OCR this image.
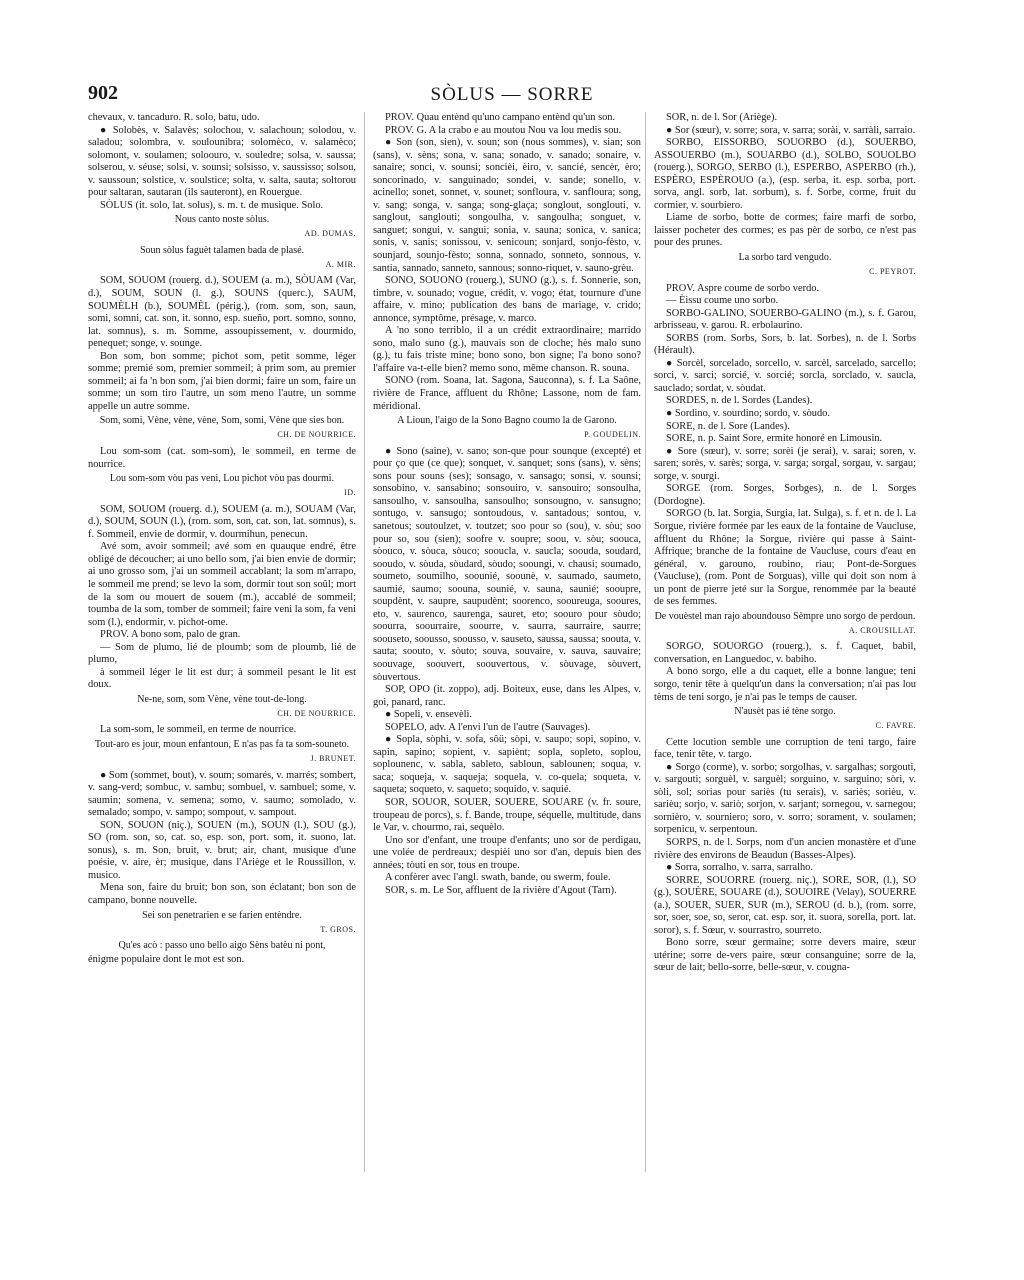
902	SÒLUS — SORRE
chevaux, v. tancaduro. R. solo, batu, udo.
● Solobès, v. Salavès; solochou, v. salachoun; solodou, v. saladou; solombra, v. soulounibra; solomèco, v. salamèco; solomont, v. soulamen; soloouro, v. souledre; solsa, v. saussa; solserou, v. séuse; solsi, v. sounsi; solsisso, v. saussisso; solsou, v. saussoun; solstice, v. soulstice; solta, v. salta, sauta; soltorou pour saltaran, sautaran (ils sauteront), en Rouergue.
SÒLUS (it. solo, lat. solus), s. m. t. de musique. Solo.
Nous canto noste sòlus.
AD. DUMAS.
Soun sòlus faguèt talamen bada de plasé.
A. MIR.
SOM, SOUOM (rouerg. d.), SOUEM (a. m.), SÒUAM (Var, d.), SOUM, SOUN (l. g.), SOUNS (querc.), SAUM, SOUMÈLH (b.), SOUMÈL (périg.), (rom. som, son, saun, somi, somni, cat. son, it. sonno, esp. sueño, port. somno, sonno, lat. somnus), s. m. Somme, assoupissement, v. dourmido, penequet; songe, v. sounge.
Bon som, bon somme; pichot som, petit somme, léger somme; premié som, premier sommeil; à prim som, au premier sommeil; ai fa 'n bon som, j'ai bien dormi; faire un som, faire un somme; un som tiro l'autre, un som meno l'autre, un somme appelle un autre somme.
Som, somi, Vène, vène, vène, Som, somi, Vène que sies bon.
CH. DE NOURRICE.
Lou som-som (cat. som-som), le sommeil, en terme de nourrice.
Lou som-som vòu pas veni, Lou pichot vòu pas dourmi.
ID.
SOM, SOUOM (rouerg. d.), SOUEM (a. m.), SOUAM (Var, d.), SOUM, SOUN (l.), (rom. som, son, cat. son, lat. somnus), s. f. Sommeil, envie de dormir, v. dourmihun, penecun.
Avé som, avoir sommeil; avé som en quauque endré, être obligé de découcher; ai uno bello som, j'ai bien envie de dormir; ai uno grosso som, j'ai un sommeil accablant; la som m'arrapo, le sommeil me prend; se levo la som, dormir tout son soûl; mort de la som ou mouert de souem (m.), accablé de sommeil; toumba de la som, tomber de sommeil; faire veni la som, fa veni som (l.), endormir, v. pichot-ome.
PROV. A bono som, palo de gran.
— Som de plumo, lié de ploumb; som de ploumb, lié de plumo,
à sommeil léger le lit est dur; à sommeil pesant le lit est doux.
Ne-ne, som, som Vène, vène tout-de-long.
CH. DE NOURRICE.
La som-som, le sommeil, en terme de nourrice.
Tout-aro es jour, moun enfantoun, E n'as pas fa ta som-souneto.
J. BRUNET.
● Som (sommet, bout), v. soum; somarés, v. marrés; sombert, v. sang-verd; sombuc, v. sambu; sombuel, v. sambuel; some, v. saumin; somena, v. semena; somo, v. saumo; somolado, v. semalado; sompo, v. sampo; sompout, v. sampout.
SON, SOUON (niç.), SOUEN (m.), SOUN (l.), SOU (g.), SO (rom. son, so, cat. so, esp. son, port. som, it. suono, lat. sonus), s. m. Son, bruit, v. brut; air, chant, musique d'une poésie, v. aire, èr; musique, dans l'Ariège et le Roussillon, v. musico.
Mena son, faire du bruit; bon son, son éclatant; bon son de campano, bonne nouvelle.
Sei son penetrarien e se farien entèndre.
T. GROS.
Qu'es acò : passo uno bello aigo Sèns batèu ni pont,
énigme populaire dont le mot est son.
PROV. Quau entènd qu'uno campano entènd qu'un son.
PROV. G. A la crabo e au moutou Nou va lou medis sou.
● Son (son, sien), v. soun; son (nous sommes), v. sian; son (sans), v. sèns; sona, v. sana; sonado, v. sanado; sonaire, v. sanaire; sonci, v. sounsi; soncièi, èiro, v. sancié, sencèr, èro; soncorinado, v. sanguinado; sondei, v. sande; sonello, v. acinello; sonet, sonnet, v. sounet; sonfloura, v. sanfloura; song, v. sang; songa, v. sanga; song-glaça; songlout, songlouti, v. sanglout, sanglouti; songoulha, v. sangoulha; songuet, v. sanguet; songui, v. sangui; sonia, v. sauna; sonica, v. sanica; sonis, v. sanis; sonissou, v. senicoun; sonjard, sonjo-fèsto, v. sounjard, sounjo-fèsto; sonna, sonnado, sonneto, sonnous, v. santia, sannado, sanneto, sannous; sonno-riquet, v. sauno-grèu.
SONO, SOUONO (rouerg.), SUNO (g.), s. f. Sonnerie, son, timbre, v. sounado; vogue, crédit, v. vogo; état, tournure d'une affaire, v. mino; publication des bans de mariage, v. crido; annonce, symptôme, présage, v. marco.
A 'no sono terriblo, il a un crédit extraordinaire; marrido sono, malo suno (g.), mauvais son de cloche; hès malo suno (g.), tu fais triste mine; bono sono, bon signe; l'a bono sono? l'affaire va-t-elle bien? memo sono, même chanson. R. souna.
SONO (rom. Soana, lat. Sagona, Sauconna), s. f. La Saône, rivière de France, affluent du Rhône; Lassone, nom de fam. méridional.
A Lioun, l'aigo de la Sono Bagno coumo la de Garono.
P. GOUDELIN.
● Sono (saine), v. sano; son-que pour sounque (excepté) et pour ço que (ce que); sonquet, v. sanquet; sons (sans), v. sèns; sons pour souns (ses); sonsago, v. sansago; sonsi, v. sounsi; sonsobino, v. sansabino; sonsouiro, v. sansouiro; sonsoulha, sansoulho, v. sansoulha, sansoulho; sonsougno, v. sansugno; sontugo, v. sansugo; sontoudous, v. santadous; sontou, v. sanetous; soutoulzet, v. toutzet; soo pour so (sou), v. sòu; soo pour so, sou (sien); soofre v. soupre; soou, v. sòu; soouca, sòouco, v. sòuca, sòuco; sooucla, v. saucla; soouda, soudard, sooudo, v. sòuda, sòudard, sòudo; sooungi, v. chausi; soumado, soumeto, soumilho, soounié, soounè, v. saumado, saumeto, saumié, saumo; soouna, sounié, v. sauna, saunié; sooupre, soupdènt, v. saupre, saupudènt; soorenco, sooureuga, sooures, eto, v. saurenco, saurenga, sauret, eto; soouro pour sòudo; soourra, soourraire, soourre, v. saurra, saurraire, saurre; soouseto, soousso, soousso, v. sauseto, saussa, saussa; soouta, v. sauta; soouto, v. sòuto; souva, souvaire, v. sauva, sauvaire; soouvage, soouvert, soouvertous, v. sòuvage, sòuvert, sòuvertous.
SOP, OPO (it. zoppo), adj. Boiteux, euse, dans les Alpes, v. goi, panard, ranc.
● Sopeli, v. ensevèli.
SOPELO, adv. A l'envi l'un de l'autre (Sauvages).
● Sopla, sòphi, v. sofa, sôü; sòpi, v. saupo; sopi, sopino, v. sapin, sapino; sopient, v. sapiènt; sopla, sopleto, soplou, soplounenc, v. sabla, sableto, sabloun, sablounen; soqua, v. saca; soqueja, v. saqueja; soquela, v. co-quela; soqueta, v. saqueta; soqueto, v. saqueto; soquido, v. saquié.
SOR, SOUOR, SOUER, SOUERE, SOUARE (v. fr. soure, troupeau de porcs), s. f. Bande, troupe, séquelle, multitude, dans le Var, v. chourmo, raì, sequèlo.
Uno sor d'enfant, une troupe d'enfants; uno sor de perdigau, une volée de perdreaux; despièi uno sor d'an, depuis bien des années; tòuti en sor, tous en troupe.
A confèrer avec l'angl. swath, bande, ou swerm, foule.
SOR, s. m. Le Sor, affluent de la rivière d'Agout (Tarn).
SOR, n. de l. Sor (Ariège).
● Sor (sœur), v. sorre; sora, v. sarra; sorài, v. sarràli, sarraio.
SORBO, EISSORBO, SOUORBO (d.), SOUERBO, ASSOUERBO (m.), SOUARBO (d.), SOLBO, SOUOLBO (rouerg.), SORGO, SERBO (l.), ESPERBO, ASPERBO (rh.), ESPÈRO, ESPÈROUO (a.), (esp. serba, it. esp. sorba, port. sorva, angl. sorb, lat. sorbum), s. f. Sorbe, corme, fruit du cormier, v. sourbiero.
Liame de sorbo, botte de cormes; faire marfi de sorbo, laisser pocheter des cormes; es pas pèr de sorbo, ce n'est pas pour des prunes.
La sorbo tard vengudo.
C. PEYROT.
PROV. Aspre coume de sorbo verdo.
— Èissu coume uno sorbo.
SORBO-GALINO, SOUERBO-GALINO (m.), s. f. Garou, arbrisseau, v. garou. R. erbolaurino.
SORBS (rom. Sorbs, Sors, b. lat. Sorbes), n. de l. Sorbs (Hérault).
● Sorcèl, sorcelado, sorcello, v. sarcèl, sarcelado, sarcello; sorci, v. sarci; sorcié, v. sorcié; sorcla, sorclado, v. saucla, sauclado; sordat, v. sòudat.
SORDES, n. de l. Sordes (Landes).
● Sordino, v. sourdino; sordo, v. sòudo.
SORE, n. de l. Sore (Landes).
SORE, n. p. Saint Sore, ermite honoré en Limousin.
● Sore (sœur), v. sorre; sorèi (je serai), v. sarai; soren, v. saren; sorès, v. sarès; sorga, v. sarga; sorgal, sorgau, v. sargau; sorge, v. sourgi.
SORGE (rom. Sorges, Sorbges), n. de l. Sorges (Dordogne).
SORGO (b. lat. Sorgia, Surgia, lat. Sulga), s. f. et n. de l. La Sorgue, rivière formée par les eaux de la fontaine de Vaucluse, affluent du Rhône; la Sorgue, rivière qui passe à Saint-Affrique; branche de la fontaine de Vaucluse, cours d'eau en général, v. garouno, roubino, riau; Pont-de-Sorgues (Vaucluse), (rom. Pont de Sorguas), ville qui doit son nom à un pont de pierre jeté sur la Sorgue, renommée par la beauté de ses femmes.
De vouèstel man rajo aboundouso Sèmpre uno sorgo de perdoun.
A. CROUSILLAT.
SORGO, SOUORGO (rouerg.), s. f. Caquet, babil, conversation, en Languedoc, v. babiho.
A bono sorgo, elle a du caquet, elle a bonne langue; teni sorgo, tenir tête à quelqu'un dans la conversation; n'ai pas lou tèms de teni sorgo, je n'ai pas le temps de causer.
N'ausèt pas ié tène sorgo.
C. FAVRE.
Cette locution semble une corruption de teni targo, faire face, tenir tête, v. targo.
● Sorgo (corme), v. sorbo; sorgolhas, v. sargalhas; sorgouti, v. sargouti; sorguèl, v. sarguèl; sorguino, v. sarguino; sòri, v. sòli, sol; sorias pour sariès (tu serais), v. sariès; sorièu, v. sarièu; sorjo, v. sariò; sorjon, v. sarjant; sornegou, v. sarnegou; sornièro, v. sourniero; soro, v. sorro; sorament, v. soulamen; sorpenicu, v. serpentoun.
SORPS, n. de l. Sorps, nom d'un ancien monastère et d'une rivière des environs de Beaudun (Basses-Alpes).
● Sorra, sorralho, v. sarra, sarralho.
SORRE, SOUORRE (rouerg. niç.), SORE, SOR, (l.), SO (g.), SOUÈRE, SOUARE (d.), SOUOIRE (Velay), SOUERRE (a.), SOUER, SUER, SUR (m.), SEROU (d. b.), (rom. sorre, sor, soer, soe, so, seror, cat. esp. sor, it. suora, sorella, port. lat. soror), s. f. Sœur, v. sourrastro, sourreto.
Bono sorre, sœur germaine; sorre devers maire, sœur utérine; sorre de-vers paire, sœur consanguine; sorre de la, sœur de lait; bello-sorre, belle-sœur, v. cougna-
